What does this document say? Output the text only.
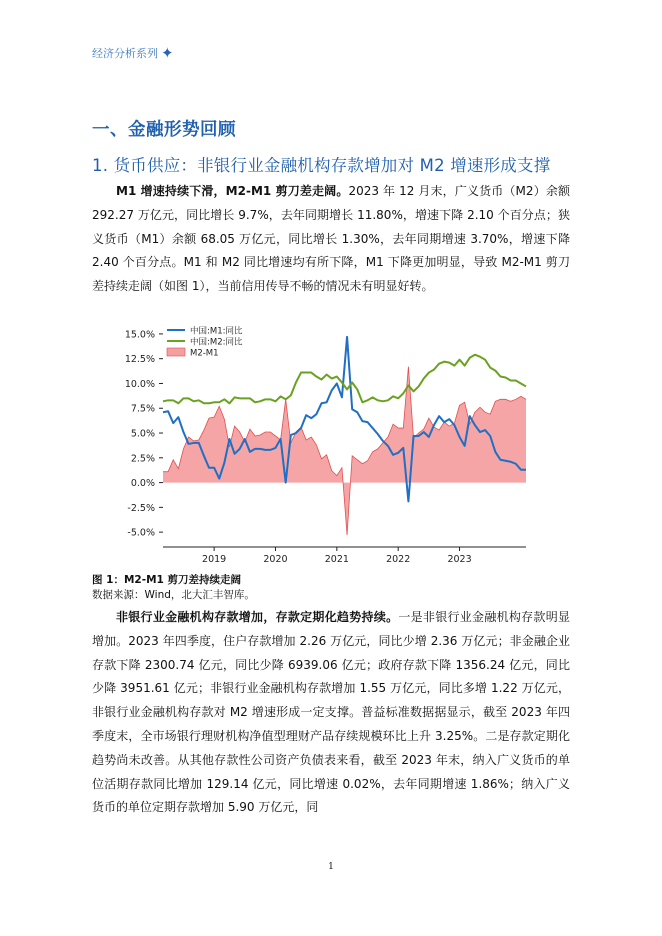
经济分析系列 ✦
一、金融形势回顾
1. 货币供应：非银行业金融机构存款增加对 M2 增速形成支撑
M1 增速持续下滑，M2-M1 剪刀差走阔。2023 年 12 月末，广义货币（M2）余额 292.27 万亿元，同比增长 9.7%，去年同期增长 11.80%，增速下降 2.10 个百分点；狭义货币（M1）余额 68.05 万亿元，同比增长 1.30%，去年同期增速 3.70%，增速下降 2.40 个百分点。M1 和 M2 同比增速均有所下降，M1 下降更加明显，导致 M2-M1 剪刀差持续走阔（如图 1），当前信用传导不畅的情况未有明显好转。
15.0%
12.5%
10.0%
7.5%
5.0%
2.5%
0.0%
-2.5%
-5.0%
2019	2020	2021	2022	2023
中国:M1:同比
中国:M2:同比
M2-M1
图 1：M2-M1 剪刀差持续走阔
数据来源：Wind，北大汇丰智库。
非银行业金融机构存款增加，存款定期化趋势持续。一是非银行业金融机构存款明显增加。2023 年四季度，住户存款增加 2.26 万亿元，同比少增 2.36 万亿元；非金融企业存款下降 2300.74 亿元，同比少降 6939.06 亿元；政府存款下降 1356.24 亿元，同比少降 3951.61 亿元；非银行业金融机构存款增加 1.55 万亿元，同比多增 1.22 万亿元，非银行业金融机构存款对 M2 增速形成一定支撑。普益标准数据据显示，截至 2023 年四季度末，全市场银行理财机构净值型理财产品存续规模环比上升 3.25%。二是存款定期化趋势尚未改善。从其他存款性公司资产负债表来看，截至 2023 年末，纳入广义货币的单位活期存款同比增加 129.14 亿元，同比增速 0.02%，去年同期增速 1.86%；纳入广义货币的单位定期存款增加 5.90 万亿元，同
1
